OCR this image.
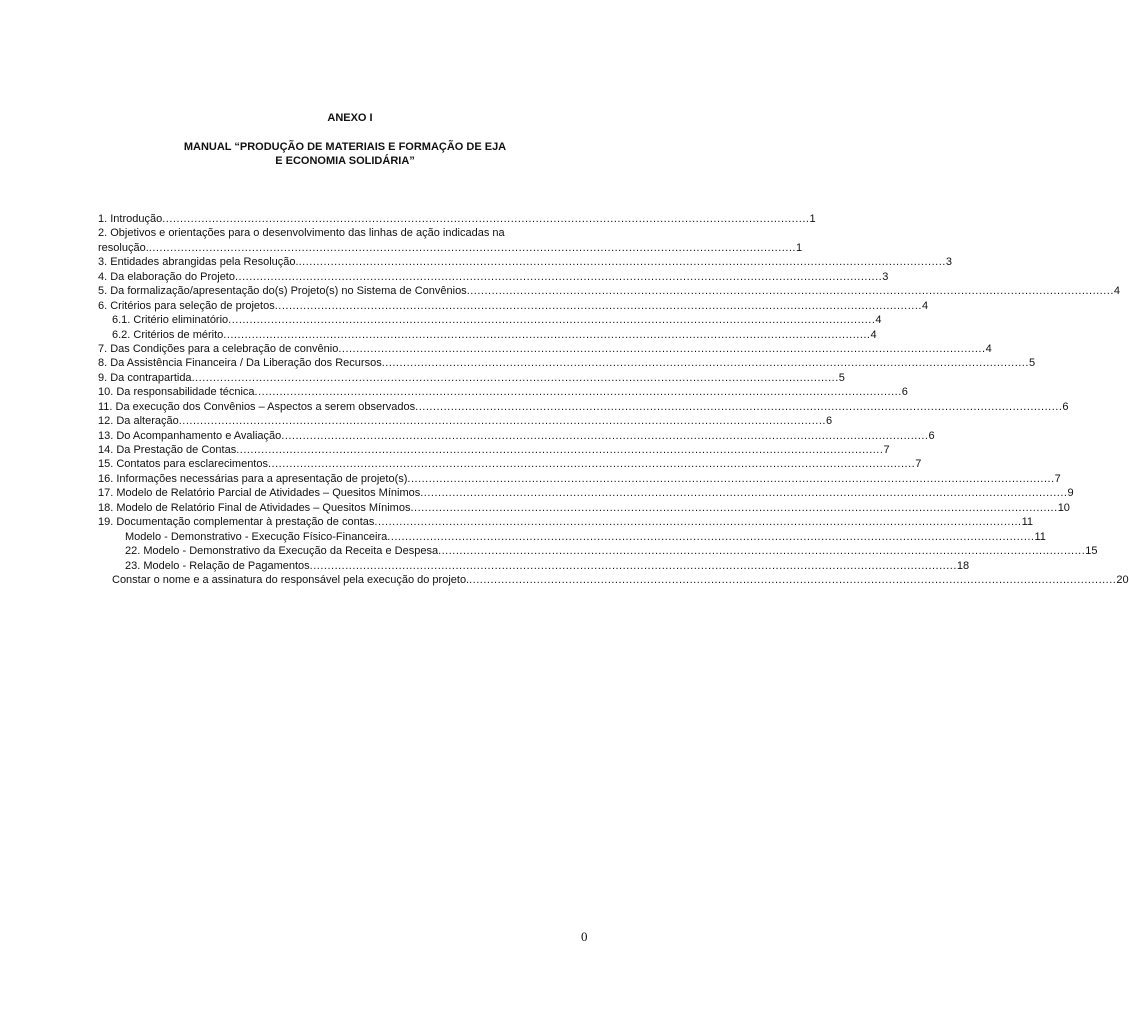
ANEXO I
MANUAL “PRODUÇÃO DE MATERIAIS E FORMAÇÃO DE EJA
E ECONOMIA SOLIDÁRIA”
1. Introdução ...................................................................................................................................................................................... 1
2. Objetivos e orientações para o desenvolvimento das linhas de ação indicadas na
resolução. ...................................................................................................................................................................................... 1
3. Entidades abrangidas pela Resolução. ...................................................................................................................................................................................... 3
4. Da elaboração do Projeto ...................................................................................................................................................................................... 3
5. Da formalização/apresentação do(s) Projeto(s) no Sistema de Convênios ...................................................................................................................................................................................... 4
6. Critérios para seleção de projetos ...................................................................................................................................................................................... 4
6.1. Critério eliminatório ...................................................................................................................................................................................... 4
6.2. Critérios de mérito ...................................................................................................................................................................................... 4
7. Das Condições para a celebração de convênio ...................................................................................................................................................................................... 4
8. Da Assistência Financeira / Da Liberação dos Recursos ...................................................................................................................................................................................... 5
9. Da contrapartida ...................................................................................................................................................................................... 5
10. Da responsabilidade técnica ...................................................................................................................................................................................... 6
11. Da execução dos Convênios – Aspectos a serem observados ...................................................................................................................................................................................... 6
12. Da alteração ...................................................................................................................................................................................... 6
13. Do Acompanhamento e Avaliação ...................................................................................................................................................................................... 6
14. Da Prestação de Contas ...................................................................................................................................................................................... 7
15. Contatos para esclarecimentos ...................................................................................................................................................................................... 7
16. Informações necessárias para a apresentação de projeto(s) ...................................................................................................................................................................................... 7
17. Modelo de Relatório Parcial de Atividades – Quesitos Mínimos ...................................................................................................................................................................................... 9
18. Modelo de Relatório Final de Atividades – Quesitos Mínimos ...................................................................................................................................................................................... 10
19. Documentação complementar à prestação de contas ...................................................................................................................................................................................... 11
Modelo - Demonstrativo - Execução Físico-Financeira ...................................................................................................................................................................................... 11
22. Modelo - Demonstrativo da Execução da Receita e Despesa ...................................................................................................................................................................................... 15
23. Modelo - Relação de Pagamentos ...................................................................................................................................................................................... 18
Constar o nome e a assinatura do responsável pela execução do projeto. ...................................................................................................................................................................................... 20
0
